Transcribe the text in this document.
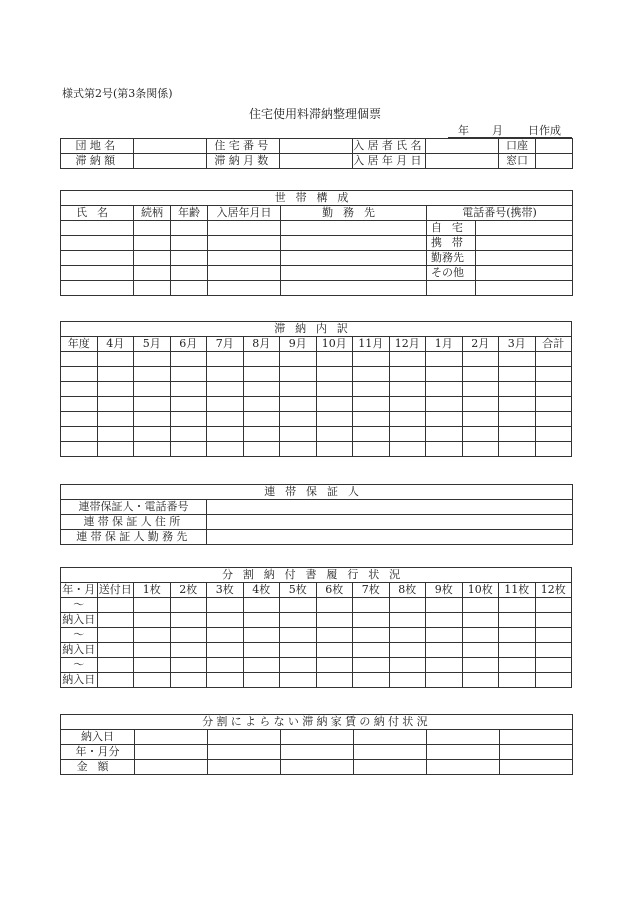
様式第2号(第3条関係)
住宅使用料滞納整理個票
年 月 日作成
団地名		住宅番号		入居者氏名		口座	
滞納額		滞納月数		入居年月日		窓口	
世帯構成						
氏名	続柄	年齢	入居年月日	勤務先	電話番号(携帯)	
					自宅	
					携帯	
					勤務先	
					その他	

滞納内訳													
年度	4月	5月	6月	7月	8月	9月	10月	11月	12月	1月	2月	3月	合計

連帯保証人	
連帯保証人・電話番号	
連帯保証人住所	
連帯保証人勤務先	
分割納付書履行状況													
年・月	送付日	1枚	2枚	3枚	4枚	5枚	6枚	7枚	8枚	9枚	10枚	11枚	12枚
～													
納入日													
～													
納入日													
～													
納入日													
分割によらない滞納家賃の納付状況						
納入日						
年・月分						
金額						
